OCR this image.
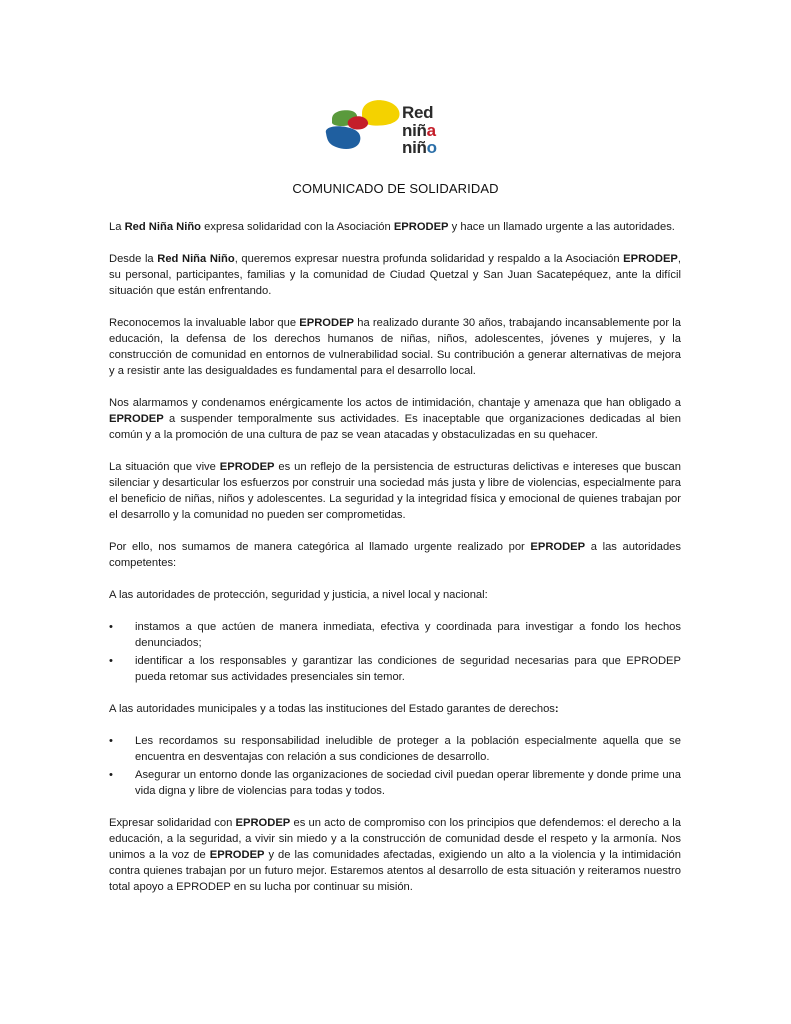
Red
niña niño
COMUNICADO DE SOLIDARIDAD

La Red Niña Niño expresa solidaridad con la Asociación EPRODEP y hace un llamado urgente a las autoridades.

Desde la Red Niña Niño, queremos expresar nuestra profunda solidaridad y respaldo a la Asociación EPRODEP, su personal, participantes, familias y la comunidad de Ciudad Quetzal y San Juan Sacatepéquez, ante la difícil situación que están enfrentando.

Reconocemos la invaluable labor que EPRODEP ha realizado durante 30 años, trabajando incansablemente por la educación, la defensa de los derechos humanos de niñas, niños, adolescentes, jóvenes y mujeres, y la construcción de comunidad en entornos de vulnerabilidad social. Su contribución a generar alternativas de mejora y a resistir ante las desigualdades es fundamental para el desarrollo local.

Nos alarmamos y condenamos enérgicamente los actos de intimidación, chantaje y amenaza que han obligado a EPRODEP a suspender temporalmente sus actividades. Es inaceptable que organizaciones dedicadas al bien común y a la promoción de una cultura de paz se vean atacadas y obstaculizadas en su quehacer.

La situación que vive EPRODEP es un reflejo de la persistencia de estructuras delictivas e intereses que buscan silenciar y desarticular los esfuerzos por construir una sociedad más justa y libre de violencias, especialmente para el beneficio de niñas, niños y adolescentes. La seguridad y la integridad física y emocional de quienes trabajan por el desarrollo y la comunidad no pueden ser comprometidas.

Por ello, nos sumamos de manera categórica al llamado urgente realizado por EPRODEP a las autoridades competentes:

A las autoridades de protección, seguridad y justicia, a nivel local y nacional:

• instamos a que actúen de manera inmediata, efectiva y coordinada para investigar a fondo los hechos denunciados;
• identificar a los responsables y garantizar las condiciones de seguridad necesarias para que EPRODEP pueda retomar sus actividades presenciales sin temor.

A las autoridades municipales y a todas las instituciones del Estado garantes de derechos:

• Les recordamos su responsabilidad ineludible de proteger a la población especialmente aquella que se encuentra en desventajas con relación a sus condiciones de desarrollo.
• Asegurar un entorno donde las organizaciones de sociedad civil puedan operar libremente y donde prime una vida digna y libre de violencias para todas y todos.

Expresar solidaridad con EPRODEP es un acto de compromiso con los principios que defendemos: el derecho a la educación, a la seguridad, a vivir sin miedo y a la construcción de comunidad desde el respeto y la armonía. Nos unimos a la voz de EPRODEP y de las comunidades afectadas, exigiendo un alto a la violencia y la intimidación contra quienes trabajan por un futuro mejor. Estaremos atentos al desarrollo de esta situación y reiteramos nuestro total apoyo a EPRODEP en su lucha por continuar su misión.
